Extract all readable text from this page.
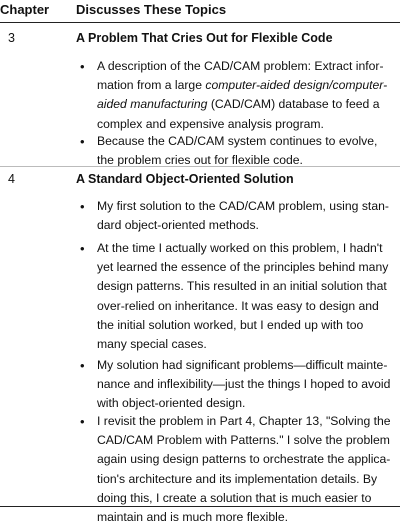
Chapter Discusses These Topics
3	A Problem That Cries Out for Flexible Code
• A description of the CAD/CAM problem: Extract infor-
mation from a large computer-aided design/computer-
aided manufacturing (CAD/CAM) database to feed a
complex and expensive analysis program.
• Because the CAD/CAM system continues to evolve,
the problem cries out for flexible code.
4	A Standard Object-Oriented Solution
• My first solution to the CAD/CAM problem, using stan-
dard object-oriented methods.
• At the time I actually worked on this problem, I hadn't
yet learned the essence of the principles behind many
design patterns. This resulted in an initial solution that
over-relied on inheritance. It was easy to design and
the initial solution worked, but I ended up with too
many special cases.
• My solution had significant problems—difficult mainte-
nance and inflexibility—just the things I hoped to avoid
with object-oriented design.
• I revisit the problem in Part 4, Chapter 13, "Solving the
CAD/CAM Problem with Patterns." I solve the problem
again using design patterns to orchestrate the applica-
tion's architecture and its implementation details. By
doing this, I create a solution that is much easier to
maintain and is much more flexible.
